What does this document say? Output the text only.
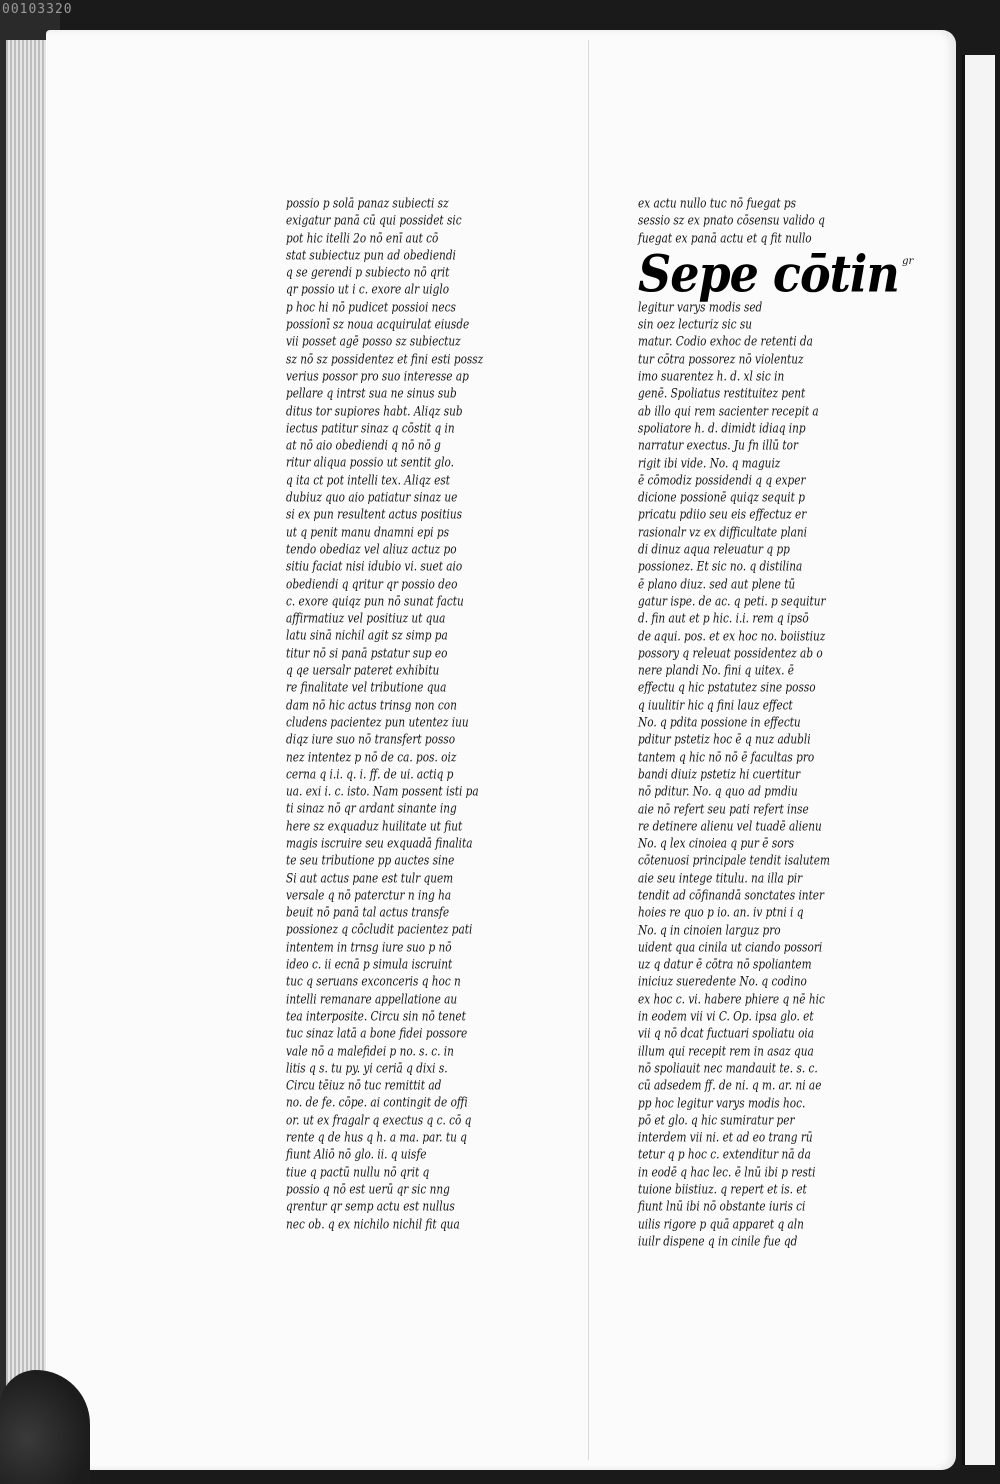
00103320
possio p solā panaz subiecti sz
exigatur panā cū qui possidet sic
pot hic itelli 2o nō enī aut cō
stat subiectuz pun ad obediendi
q se gerendi p subiecto nō qrit
qr possio ut i c. exore alr uiglo
p hoc hi nō pudicet possioi necs
possionī sz noua acquirulat eiusde
vii posset agē posso sz subiectuz
sz nō sz possidentez et fini esti possz
verius possor pro suo interesse ap
pellare q intrst sua ne sinus sub
ditus tor supiores habt. Aliqz sub
iectus patitur sinaz q cōstit q in
at nō aio obediendi q nō nō g
ritur aliqua possio ut sentit glo.
q ita ct pot intelli tex. Aliqz est
dubiuz quo aio patiatur sinaz ue
si ex pun resultent actus positius
ut q penit manu dnamni epi ps
tendo obediaz vel aliuz actuz po
sitiu faciat nisi idubio vi. suet aio
obediendi q qritur qr possio deo
c. exore quiqz pun nō sunat factu
affirmatiuz vel positiuz ut qua
latu sinā nichil agit sz simp pa
titur nō si panā pstatur sup eo
q qe uersalr pateret exhibitu
re finalitate vel tributione qua
dam nō hic actus trinsg non con
cludens pacientez pun utentez iuu
diqz iure suo nō transfert posso
nez intentez p nō de ca. pos. oiz
cerna q i.i. q. i. ff. de ui. actiq p
ua. exi i. c. isto. Nam possent isti pa
ti sinaz nō qr ardant sinante ing
here sz exquaduz huilitate ut fiut
magis iscruire seu exquadā finalita
te seu tributione pp auctes sine
Si aut actus pane est tulr quem
versale q nō paterctur n ing ha
beuit nō panā tal actus transfe
possionez q cōcludit pacientez pati
intentem in trnsg iure suo p nō
ideo c. ii ecnā p simula iscruint
tuc q seruans exconceris q hoc n
intelli remanare appellatione au
tea interposite. Circu sin nō tenet
tuc sinaz latā a bone fidei possore
vale nō a malefidei p no. s. c. in
litis q s. tu py. yi ceriā q dixi s.
Circu tēiuz nō tuc remittit ad
no. de fe. cōpe. ai contingit de offi
or. ut ex fragalr q exectus q c. cō q
rente q de hus q h. a ma. par. tu q
fiunt Aliō nō glo. ii. q uisfe
tiue q pactū nullu nō qrit q
possio q nō est uerū qr sic nng
qrentur qr semp actu est nullus
nec ob. q ex nichilo nichil fit qua
ex actu nullo tuc nō fuegat ps
sessio sz ex pnato cōsensu valido q
fuegat ex panā actu et q fit nullo
Sepe cōtin gr
legitur varys modis sed
sin oez lecturiz sic su
matur. Codio exhoc de retenti da
tur cōtra possorez nō violentuz
imo suarentez h. d. xl sic in
genē. Spoliatus restituitez pent
ab illo qui rem sacienter recepit a
spoliatore h. d. dimidt idiaq inp
narratur exectus. Ju fn illū tor
rigit ibi vide. No. q maguiz
ē cōmodiz possidendi q q exper
dicione possionē quiqz sequit p
pricatu pdiio seu eis effectuz er
rasionalr vz ex difficultate plani
di dinuz aqua releuatur q pp
possionez. Et sic no. q distilina
ē plano diuz. sed aut plene tū
gatur ispe. de ac. q peti. p sequitur
d. fin aut et p hic. i.i. rem q ipsō
de aqui. pos. et ex hoc no. boiistiuz
possory q releuat possidentez ab o
nere plandi No. fini q uitex. ē
effectu q hic pstatutez sine posso
q iuulitir hic q fini lauz effect
No. q pdita possione in effectu
pditur pstetiz hoc ē q nuz adubli
tantem q hic nō nō ē facultas pro
bandi diuiz pstetiz hi cuertitur
nō pditur. No. q quo ad pmdiu
aie nō refert seu pati refert inse
re detinere alienu vel tuadē alienu
No. q lex cinoiea q pur ē sors
cōtenuosi principale tendit isalutem
aie seu intege titulu. na illa pir
tendit ad cōfinandā sonctates inter
hoies re quo p io. an. iv ptni i q
No. q in cinoien larguz pro
uident qua cinila ut ciando possori
uz q datur ē cōtra nō spoliantem
iniciuz sueredente No. q codino
ex hoc c. vi. habere phiere q nē hic
in eodem vii vi C. Op. ipsa glo. et
vii q nō dcat fuctuari spoliatu oia
illum qui recepit rem in asaz qua
nō spoliauit nec mandauit te. s. c.
cū adsedem ff. de ni. q m. ar. ni ae
pp hoc legitur varys modis hoc.
pō et glo. q hic sumiratur per
interdem vii ni. et ad eo trang rū
tetur q p hoc c. extenditur nā da
in eodē q hac lec. ē lnū ibi p resti
tuione biistiuz. q repert et is. et
fiunt lnū ibi nō obstante iuris ci
uilis rigore p quā apparet q aln
iuilr dispene q in cinile fue qd
